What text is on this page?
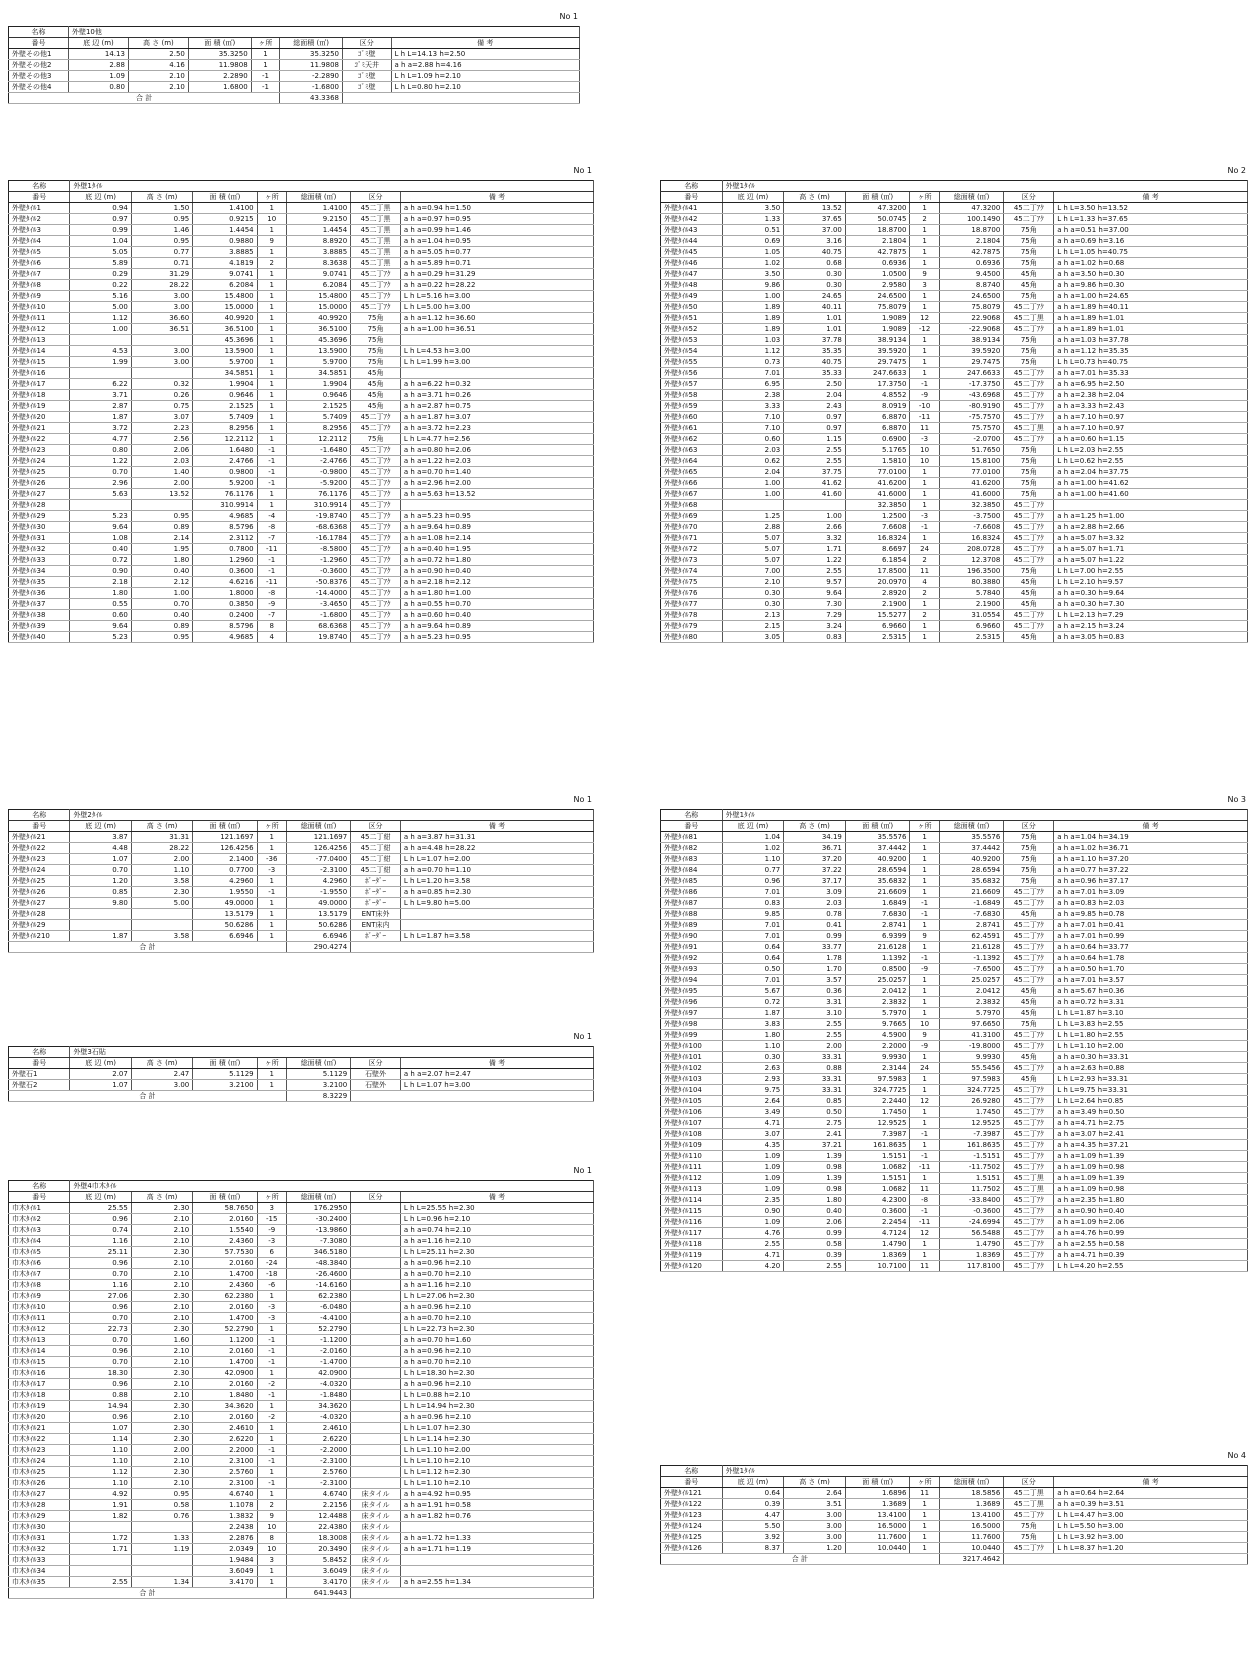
No 1
名称	外壁10他						
番号	底 辺 (m)	高 さ (m)	面 積 (㎡)	ヶ所	総面積 (㎡)	区分	備 考
外壁その他1	14.13	2.50	35.3250	1	35.3250	ｺﾞﾐ壁	L h L=14.13 h=2.50
外壁その他2	2.88	4.16	11.9808	1	11.9808	ｺﾞﾐ天井	a h a=2.88 h=4.16
外壁その他3	1.09	2.10	2.2890	-1	-2.2890	ｺﾞﾐ壁	L h L=1.09 h=2.10
外壁その他4	0.80	2.10	1.6800	-1	-1.6800	ｺﾞﾐ壁	L h L=0.80 h=2.10
合 計					43.3368		
No 1
名称	外壁1ﾀｲﾙ						
番号	底 辺 (m)	高 さ (m)	面 積 (㎡)	ヶ所	総面積 (㎡)	区分	備 考
外壁ﾀｲﾙ1	0.94	1.50	1.4100	1	1.4100	45二丁黒	a h a=0.94 h=1.50
外壁ﾀｲﾙ2	0.97	0.95	0.9215	10	9.2150	45二丁黒	a h a=0.97 h=0.95
外壁ﾀｲﾙ3	0.99	1.46	1.4454	1	1.4454	45二丁黒	a h a=0.99 h=1.46
外壁ﾀｲﾙ4	1.04	0.95	0.9880	9	8.8920	45二丁黒	a h a=1.04 h=0.95
外壁ﾀｲﾙ5	5.05	0.77	3.8885	1	3.8885	45二丁黒	a h a=5.05 h=0.77
外壁ﾀｲﾙ6	5.89	0.71	4.1819	2	8.3638	45二丁黒	a h a=5.89 h=0.71
外壁ﾀｲﾙ7	0.29	31.29	9.0741	1	9.0741	45二丁ｱｸ	a h a=0.29 h=31.29
外壁ﾀｲﾙ8	0.22	28.22	6.2084	1	6.2084	45二丁ｱｸ	a h a=0.22 h=28.22
外壁ﾀｲﾙ9	5.16	3.00	15.4800	1	15.4800	45二丁ｱｸ	L h L=5.16 h=3.00
外壁ﾀｲﾙ10	5.00	3.00	15.0000	1	15.0000	45二丁ｱｸ	L h L=5.00 h=3.00
外壁ﾀｲﾙ11	1.12	36.60	40.9920	1	40.9920	75角	a h a=1.12 h=36.60
外壁ﾀｲﾙ12	1.00	36.51	36.5100	1	36.5100	75角	a h a=1.00 h=36.51
外壁ﾀｲﾙ13			45.3696	1	45.3696	75角	
外壁ﾀｲﾙ14	4.53	3.00	13.5900	1	13.5900	75角	L h L=4.53 h=3.00
外壁ﾀｲﾙ15	1.99	3.00	5.9700	1	5.9700	75角	L h L=1.99 h=3.00
外壁ﾀｲﾙ16			34.5851	1	34.5851	45角	
外壁ﾀｲﾙ17	6.22	0.32	1.9904	1	1.9904	45角	a h a=6.22 h=0.32
外壁ﾀｲﾙ18	3.71	0.26	0.9646	1	0.9646	45角	a h a=3.71 h=0.26
外壁ﾀｲﾙ19	2.87	0.75	2.1525	1	2.1525	45角	a h a=2.87 h=0.75
外壁ﾀｲﾙ20	1.87	3.07	5.7409	1	5.7409	45二丁ｱｸ	a h a=1.87 h=3.07
外壁ﾀｲﾙ21	3.72	2.23	8.2956	1	8.2956	45二丁ｱｸ	a h a=3.72 h=2.23
外壁ﾀｲﾙ22	4.77	2.56	12.2112	1	12.2112	75角	L h L=4.77 h=2.56
外壁ﾀｲﾙ23	0.80	2.06	1.6480	-1	-1.6480	45二丁ｱｸ	a h a=0.80 h=2.06
外壁ﾀｲﾙ24	1.22	2.03	2.4766	-1	-2.4766	45二丁ｱｸ	a h a=1.22 h=2.03
外壁ﾀｲﾙ25	0.70	1.40	0.9800	-1	-0.9800	45二丁ｱｸ	a h a=0.70 h=1.40
外壁ﾀｲﾙ26	2.96	2.00	5.9200	-1	-5.9200	45二丁ｱｸ	a h a=2.96 h=2.00
外壁ﾀｲﾙ27	5.63	13.52	76.1176	1	76.1176	45二丁ｱｸ	a h a=5.63 h=13.52
外壁ﾀｲﾙ28			310.9914	1	310.9914	45二丁ｱｸ	
外壁ﾀｲﾙ29	5.23	0.95	4.9685	-4	-19.8740	45二丁ｱｸ	a h a=5.23 h=0.95
外壁ﾀｲﾙ30	9.64	0.89	8.5796	-8	-68.6368	45二丁ｱｸ	a h a=9.64 h=0.89
外壁ﾀｲﾙ31	1.08	2.14	2.3112	-7	-16.1784	45二丁ｱｸ	a h a=1.08 h=2.14
外壁ﾀｲﾙ32	0.40	1.95	0.7800	-11	-8.5800	45二丁ｱｸ	a h a=0.40 h=1.95
外壁ﾀｲﾙ33	0.72	1.80	1.2960	-1	-1.2960	45二丁ｱｸ	a h a=0.72 h=1.80
外壁ﾀｲﾙ34	0.90	0.40	0.3600	-1	-0.3600	45二丁ｱｸ	a h a=0.90 h=0.40
外壁ﾀｲﾙ35	2.18	2.12	4.6216	-11	-50.8376	45二丁ｱｸ	a h a=2.18 h=2.12
外壁ﾀｲﾙ36	1.80	1.00	1.8000	-8	-14.4000	45二丁ｱｸ	a h a=1.80 h=1.00
外壁ﾀｲﾙ37	0.55	0.70	0.3850	-9	-3.4650	45二丁ｱｸ	a h a=0.55 h=0.70
外壁ﾀｲﾙ38	0.60	0.40	0.2400	-7	-1.6800	45二丁ｱｸ	a h a=0.60 h=0.40
外壁ﾀｲﾙ39	9.64	0.89	8.5796	8	68.6368	45二丁ｱｸ	a h a=9.64 h=0.89
外壁ﾀｲﾙ40	5.23	0.95	4.9685	4	19.8740	45二丁ｱｸ	a h a=5.23 h=0.95
No 2
名称	外壁1ﾀｲﾙ						
番号	底 辺 (m)	高 さ (m)	面 積 (㎡)	ヶ所	総面積 (㎡)	区分	備 考
外壁ﾀｲﾙ41	3.50	13.52	47.3200	1	47.3200	45二丁ｱｸ	L h L=3.50 h=13.52
外壁ﾀｲﾙ42	1.33	37.65	50.0745	2	100.1490	45二丁ｱｸ	L h L=1.33 h=37.65
外壁ﾀｲﾙ43	0.51	37.00	18.8700	1	18.8700	75角	a h a=0.51 h=37.00
外壁ﾀｲﾙ44	0.69	3.16	2.1804	1	2.1804	75角	a h a=0.69 h=3.16
外壁ﾀｲﾙ45	1.05	40.75	42.7875	1	42.7875	75角	L h L=1.05 h=40.75
外壁ﾀｲﾙ46	1.02	0.68	0.6936	1	0.6936	75角	a h a=1.02 h=0.68
外壁ﾀｲﾙ47	3.50	0.30	1.0500	9	9.4500	45角	a h a=3.50 h=0.30
外壁ﾀｲﾙ48	9.86	0.30	2.9580	3	8.8740	45角	a h a=9.86 h=0.30
外壁ﾀｲﾙ49	1.00	24.65	24.6500	1	24.6500	75角	a h a=1.00 h=24.65
外壁ﾀｲﾙ50	1.89	40.11	75.8079	1	75.8079	45二丁ｱｸ	a h a=1.89 h=40.11
外壁ﾀｲﾙ51	1.89	1.01	1.9089	12	22.9068	45二丁黒	a h a=1.89 h=1.01
外壁ﾀｲﾙ52	1.89	1.01	1.9089	-12	-22.9068	45二丁ｱｸ	a h a=1.89 h=1.01
外壁ﾀｲﾙ53	1.03	37.78	38.9134	1	38.9134	75角	a h a=1.03 h=37.78
外壁ﾀｲﾙ54	1.12	35.35	39.5920	1	39.5920	75角	a h a=1.12 h=35.35
外壁ﾀｲﾙ55	0.73	40.75	29.7475	1	29.7475	75角	L h L=0.73 h=40.75
外壁ﾀｲﾙ56	7.01	35.33	247.6633	1	247.6633	45二丁ｱｸ	a h a=7.01 h=35.33
外壁ﾀｲﾙ57	6.95	2.50	17.3750	-1	-17.3750	45二丁ｱｸ	a h a=6.95 h=2.50
外壁ﾀｲﾙ58	2.38	2.04	4.8552	-9	-43.6968	45二丁ｱｸ	a h a=2.38 h=2.04
外壁ﾀｲﾙ59	3.33	2.43	8.0919	-10	-80.9190	45二丁ｱｸ	a h a=3.33 h=2.43
外壁ﾀｲﾙ60	7.10	0.97	6.8870	-11	-75.7570	45二丁ｱｸ	a h a=7.10 h=0.97
外壁ﾀｲﾙ61	7.10	0.97	6.8870	11	75.7570	45二丁黒	a h a=7.10 h=0.97
外壁ﾀｲﾙ62	0.60	1.15	0.6900	-3	-2.0700	45二丁ｱｸ	a h a=0.60 h=1.15
外壁ﾀｲﾙ63	2.03	2.55	5.1765	10	51.7650	75角	L h L=2.03 h=2.55
外壁ﾀｲﾙ64	0.62	2.55	1.5810	10	15.8100	75角	L h L=0.62 h=2.55
外壁ﾀｲﾙ65	2.04	37.75	77.0100	1	77.0100	75角	a h a=2.04 h=37.75
外壁ﾀｲﾙ66	1.00	41.62	41.6200	1	41.6200	75角	a h a=1.00 h=41.62
外壁ﾀｲﾙ67	1.00	41.60	41.6000	1	41.6000	75角	a h a=1.00 h=41.60
外壁ﾀｲﾙ68			32.3850	1	32.3850	45二丁ｱｸ	
外壁ﾀｲﾙ69	1.25	1.00	1.2500	-3	-3.7500	45二丁ｱｸ	a h a=1.25 h=1.00
外壁ﾀｲﾙ70	2.88	2.66	7.6608	-1	-7.6608	45二丁ｱｸ	a h a=2.88 h=2.66
外壁ﾀｲﾙ71	5.07	3.32	16.8324	1	16.8324	45二丁ｱｸ	a h a=5.07 h=3.32
外壁ﾀｲﾙ72	5.07	1.71	8.6697	24	208.0728	45二丁ｱｸ	a h a=5.07 h=1.71
外壁ﾀｲﾙ73	5.07	1.22	6.1854	2	12.3708	45二丁ｱｸ	a h a=5.07 h=1.22
外壁ﾀｲﾙ74	7.00	2.55	17.8500	11	196.3500	75角	L h L=7.00 h=2.55
外壁ﾀｲﾙ75	2.10	9.57	20.0970	4	80.3880	45角	L h L=2.10 h=9.57
外壁ﾀｲﾙ76	0.30	9.64	2.8920	2	5.7840	45角	a h a=0.30 h=9.64
外壁ﾀｲﾙ77	0.30	7.30	2.1900	1	2.1900	45角	a h a=0.30 h=7.30
外壁ﾀｲﾙ78	2.13	7.29	15.5277	2	31.0554	45二丁ｱｸ	L h L=2.13 h=7.29
外壁ﾀｲﾙ79	2.15	3.24	6.9660	1	6.9660	45二丁ｱｸ	a h a=2.15 h=3.24
外壁ﾀｲﾙ80	3.05	0.83	2.5315	1	2.5315	45角	a h a=3.05 h=0.83
No 1
名称	外壁2ﾀｲﾙ						
番号	底 辺 (m)	高 さ (m)	面 積 (㎡)	ヶ所	総面積 (㎡)	区分	備 考
外壁ﾀｲﾙ21	3.87	31.31	121.1697	1	121.1697	45二丁紺	a h a=3.87 h=31.31
外壁ﾀｲﾙ22	4.48	28.22	126.4256	1	126.4256	45二丁紺	a h a=4.48 h=28.22
外壁ﾀｲﾙ23	1.07	2.00	2.1400	-36	-77.0400	45二丁紺	L h L=1.07 h=2.00
外壁ﾀｲﾙ24	0.70	1.10	0.7700	-3	-2.3100	45二丁紺	a h a=0.70 h=1.10
外壁ﾀｲﾙ25	1.20	3.58	4.2960	1	4.2960	ﾎﾞｰﾀﾞｰ	L h L=1.20 h=3.58
外壁ﾀｲﾙ26	0.85	2.30	1.9550	-1	-1.9550	ﾎﾞｰﾀﾞｰ	a h a=0.85 h=2.30
外壁ﾀｲﾙ27	9.80	5.00	49.0000	1	49.0000	ﾎﾞｰﾀﾞｰ	L h L=9.80 h=5.00
外壁ﾀｲﾙ28			13.5179	1	13.5179	ENT床外	
外壁ﾀｲﾙ29			50.6286	1	50.6286	ENT床内	
外壁ﾀｲﾙ210	1.87	3.58	6.6946	1	6.6946	ﾎﾞｰﾀﾞｰ	L h L=1.87 h=3.58
合 計					290.4274		
No 1
名称	外壁3石貼						
番号	底 辺 (m)	高 さ (m)	面 積 (㎡)	ヶ所	総面積 (㎡)	区分	備 考
外壁石1	2.07	2.47	5.1129	1	5.1129	石壁外	a h a=2.07 h=2.47
外壁石2	1.07	3.00	3.2100	1	3.2100	石壁外	L h L=1.07 h=3.00
合 計					8.3229		
No 1
名称	外壁4巾木ﾀｲﾙ						
番号	底 辺 (m)	高 さ (m)	面 積 (㎡)	ヶ所	総面積 (㎡)	区分	備 考
巾木ﾀｲﾙ1	25.55	2.30	58.7650	3	176.2950		L h L=25.55 h=2.30
巾木ﾀｲﾙ2	0.96	2.10	2.0160	-15	-30.2400		L h L=0.96 h=2.10
巾木ﾀｲﾙ3	0.74	2.10	1.5540	-9	-13.9860		a h a=0.74 h=2.10
巾木ﾀｲﾙ4	1.16	2.10	2.4360	-3	-7.3080		a h a=1.16 h=2.10
巾木ﾀｲﾙ5	25.11	2.30	57.7530	6	346.5180		L h L=25.11 h=2.30
巾木ﾀｲﾙ6	0.96	2.10	2.0160	-24	-48.3840		a h a=0.96 h=2.10
巾木ﾀｲﾙ7	0.70	2.10	1.4700	-18	-26.4600		a h a=0.70 h=2.10
巾木ﾀｲﾙ8	1.16	2.10	2.4360	-6	-14.6160		a h a=1.16 h=2.10
巾木ﾀｲﾙ9	27.06	2.30	62.2380	1	62.2380		L h L=27.06 h=2.30
巾木ﾀｲﾙ10	0.96	2.10	2.0160	-3	-6.0480		a h a=0.96 h=2.10
巾木ﾀｲﾙ11	0.70	2.10	1.4700	-3	-4.4100		a h a=0.70 h=2.10
巾木ﾀｲﾙ12	22.73	2.30	52.2790	1	52.2790		L h L=22.73 h=2.30
巾木ﾀｲﾙ13	0.70	1.60	1.1200	-1	-1.1200		a h a=0.70 h=1.60
巾木ﾀｲﾙ14	0.96	2.10	2.0160	-1	-2.0160		a h a=0.96 h=2.10
巾木ﾀｲﾙ15	0.70	2.10	1.4700	-1	-1.4700		a h a=0.70 h=2.10
巾木ﾀｲﾙ16	18.30	2.30	42.0900	1	42.0900		L h L=18.30 h=2.30
巾木ﾀｲﾙ17	0.96	2.10	2.0160	-2	-4.0320		a h a=0.96 h=2.10
巾木ﾀｲﾙ18	0.88	2.10	1.8480	-1	-1.8480		L h L=0.88 h=2.10
巾木ﾀｲﾙ19	14.94	2.30	34.3620	1	34.3620		L h L=14.94 h=2.30
巾木ﾀｲﾙ20	0.96	2.10	2.0160	-2	-4.0320		a h a=0.96 h=2.10
巾木ﾀｲﾙ21	1.07	2.30	2.4610	1	2.4610		L h L=1.07 h=2.30
巾木ﾀｲﾙ22	1.14	2.30	2.6220	1	2.6220		L h L=1.14 h=2.30
巾木ﾀｲﾙ23	1.10	2.00	2.2000	-1	-2.2000		L h L=1.10 h=2.00
巾木ﾀｲﾙ24	1.10	2.10	2.3100	-1	-2.3100		L h L=1.10 h=2.10
巾木ﾀｲﾙ25	1.12	2.30	2.5760	1	2.5760		L h L=1.12 h=2.30
巾木ﾀｲﾙ26	1.10	2.10	2.3100	-1	-2.3100		L h L=1.10 h=2.10
巾木ﾀｲﾙ27	4.92	0.95	4.6740	1	4.6740	床タイル	a h a=4.92 h=0.95
巾木ﾀｲﾙ28	1.91	0.58	1.1078	2	2.2156	床タイル	a h a=1.91 h=0.58
巾木ﾀｲﾙ29	1.82	0.76	1.3832	9	12.4488	床タイル	a h a=1.82 h=0.76
巾木ﾀｲﾙ30			2.2438	10	22.4380	床タイル	
巾木ﾀｲﾙ31	1.72	1.33	2.2876	8	18.3008	床タイル	a h a=1.72 h=1.33
巾木ﾀｲﾙ32	1.71	1.19	2.0349	10	20.3490	床タイル	a h a=1.71 h=1.19
巾木ﾀｲﾙ33			1.9484	3	5.8452	床タイル	
巾木ﾀｲﾙ34			3.6049	1	3.6049	床タイル	
巾木ﾀｲﾙ35	2.55	1.34	3.4170	1	3.4170	床タイル	a h a=2.55 h=1.34
合 計					641.9443		
No 3
名称	外壁1ﾀｲﾙ						
番号	底 辺 (m)	高 さ (m)	面 積 (㎡)	ヶ所	総面積 (㎡)	区分	備 考
外壁ﾀｲﾙ81	1.04	34.19	35.5576	1	35.5576	75角	a h a=1.04 h=34.19
外壁ﾀｲﾙ82	1.02	36.71	37.4442	1	37.4442	75角	a h a=1.02 h=36.71
外壁ﾀｲﾙ83	1.10	37.20	40.9200	1	40.9200	75角	a h a=1.10 h=37.20
外壁ﾀｲﾙ84	0.77	37.22	28.6594	1	28.6594	75角	a h a=0.77 h=37.22
外壁ﾀｲﾙ85	0.96	37.17	35.6832	1	35.6832	75角	a h a=0.96 h=37.17
外壁ﾀｲﾙ86	7.01	3.09	21.6609	1	21.6609	45二丁ｱｸ	a h a=7.01 h=3.09
外壁ﾀｲﾙ87	0.83	2.03	1.6849	-1	-1.6849	45二丁ｱｸ	a h a=0.83 h=2.03
外壁ﾀｲﾙ88	9.85	0.78	7.6830	-1	-7.6830	45角	a h a=9.85 h=0.78
外壁ﾀｲﾙ89	7.01	0.41	2.8741	1	2.8741	45二丁ｱｸ	a h a=7.01 h=0.41
外壁ﾀｲﾙ90	7.01	0.99	6.9399	9	62.4591	45二丁ｱｸ	a h a=7.01 h=0.99
外壁ﾀｲﾙ91	0.64	33.77	21.6128	1	21.6128	45二丁ｱｸ	a h a=0.64 h=33.77
外壁ﾀｲﾙ92	0.64	1.78	1.1392	-1	-1.1392	45二丁ｱｸ	a h a=0.64 h=1.78
外壁ﾀｲﾙ93	0.50	1.70	0.8500	-9	-7.6500	45二丁ｱｸ	a h a=0.50 h=1.70
外壁ﾀｲﾙ94	7.01	3.57	25.0257	1	25.0257	45二丁ｱｸ	a h a=7.01 h=3.57
外壁ﾀｲﾙ95	5.67	0.36	2.0412	1	2.0412	45角	a h a=5.67 h=0.36
外壁ﾀｲﾙ96	0.72	3.31	2.3832	1	2.3832	45角	a h a=0.72 h=3.31
外壁ﾀｲﾙ97	1.87	3.10	5.7970	1	5.7970	45角	L h L=1.87 h=3.10
外壁ﾀｲﾙ98	3.83	2.55	9.7665	10	97.6650	75角	L h L=3.83 h=2.55
外壁ﾀｲﾙ99	1.80	2.55	4.5900	9	41.3100	45二丁ｱｸ	L h L=1.80 h=2.55
外壁ﾀｲﾙ100	1.10	2.00	2.2000	-9	-19.8000	45二丁ｱｸ	L h L=1.10 h=2.00
外壁ﾀｲﾙ101	0.30	33.31	9.9930	1	9.9930	45角	a h a=0.30 h=33.31
外壁ﾀｲﾙ102	2.63	0.88	2.3144	24	55.5456	45二丁ｱｸ	a h a=2.63 h=0.88
外壁ﾀｲﾙ103	2.93	33.31	97.5983	1	97.5983	45角	L h L=2.93 h=33.31
外壁ﾀｲﾙ104	9.75	33.31	324.7725	1	324.7725	45二丁ｱｸ	L h L=9.75 h=33.31
外壁ﾀｲﾙ105	2.64	0.85	2.2440	12	26.9280	45二丁ｱｸ	L h L=2.64 h=0.85
外壁ﾀｲﾙ106	3.49	0.50	1.7450	1	1.7450	45二丁ｱｸ	a h a=3.49 h=0.50
外壁ﾀｲﾙ107	4.71	2.75	12.9525	1	12.9525	45二丁ｱｸ	a h a=4.71 h=2.75
外壁ﾀｲﾙ108	3.07	2.41	7.3987	-1	-7.3987	45二丁ｱｸ	a h a=3.07 h=2.41
外壁ﾀｲﾙ109	4.35	37.21	161.8635	1	161.8635	45二丁ｱｸ	a h a=4.35 h=37.21
外壁ﾀｲﾙ110	1.09	1.39	1.5151	-1	-1.5151	45二丁ｱｸ	a h a=1.09 h=1.39
外壁ﾀｲﾙ111	1.09	0.98	1.0682	-11	-11.7502	45二丁ｱｸ	a h a=1.09 h=0.98
外壁ﾀｲﾙ112	1.09	1.39	1.5151	1	1.5151	45二丁黒	a h a=1.09 h=1.39
外壁ﾀｲﾙ113	1.09	0.98	1.0682	11	11.7502	45二丁黒	a h a=1.09 h=0.98
外壁ﾀｲﾙ114	2.35	1.80	4.2300	-8	-33.8400	45二丁ｱｸ	a h a=2.35 h=1.80
外壁ﾀｲﾙ115	0.90	0.40	0.3600	-1	-0.3600	45二丁ｱｸ	a h a=0.90 h=0.40
外壁ﾀｲﾙ116	1.09	2.06	2.2454	-11	-24.6994	45二丁ｱｸ	a h a=1.09 h=2.06
外壁ﾀｲﾙ117	4.76	0.99	4.7124	12	56.5488	45二丁ｱｸ	a h a=4.76 h=0.99
外壁ﾀｲﾙ118	2.55	0.58	1.4790	1	1.4790	45二丁ｱｸ	a h a=2.55 h=0.58
外壁ﾀｲﾙ119	4.71	0.39	1.8369	1	1.8369	45二丁ｱｸ	a h a=4.71 h=0.39
外壁ﾀｲﾙ120	4.20	2.55	10.7100	11	117.8100	45二丁ｱｸ	L h L=4.20 h=2.55
No 4
名称	外壁1ﾀｲﾙ						
番号	底 辺 (m)	高 さ (m)	面 積 (㎡)	ヶ所	総面積 (㎡)	区分	備 考
外壁ﾀｲﾙ121	0.64	2.64	1.6896	11	18.5856	45二丁黒	a h a=0.64 h=2.64
外壁ﾀｲﾙ122	0.39	3.51	1.3689	1	1.3689	45二丁黒	a h a=0.39 h=3.51
外壁ﾀｲﾙ123	4.47	3.00	13.4100	1	13.4100	45二丁ｱｸ	L h L=4.47 h=3.00
外壁ﾀｲﾙ124	5.50	3.00	16.5000	1	16.5000	75角	L h L=5.50 h=3.00
外壁ﾀｲﾙ125	3.92	3.00	11.7600	1	11.7600	75角	L h L=3.92 h=3.00
外壁ﾀｲﾙ126	8.37	1.20	10.0440	1	10.0440	45二丁ｱｸ	L h L=8.37 h=1.20
合 計					3217.4642		
